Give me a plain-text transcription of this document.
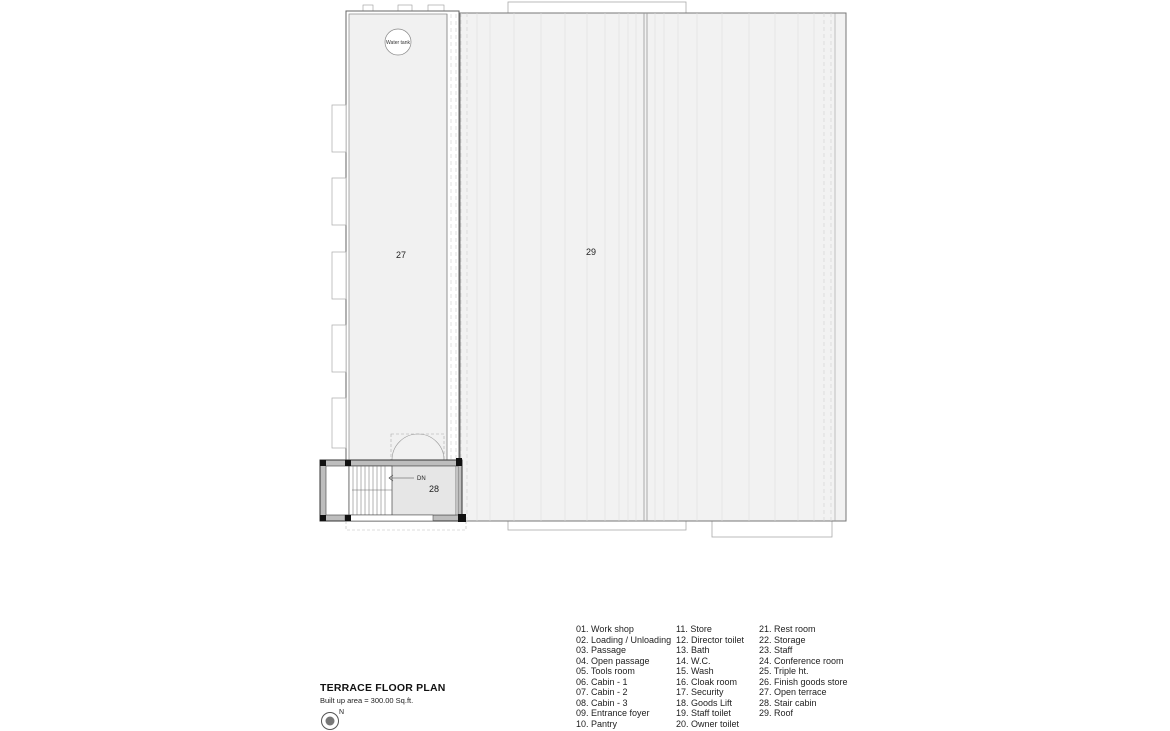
29
Water tank
27
DN
28
TERRACE FLOOR PLAN
Built up area = 300.00 Sq.ft.
N
01. Work shop
02. Loading / Unloading
03. Passage
04. Open passage
05. Tools room
06. Cabin - 1
07. Cabin - 2
08. Cabin - 3
09. Entrance foyer
10. Pantry
11. Store
12. Director toilet
13. Bath
14. W.C.
15. Wash
16. Cloak room
17. Security
18. Goods Lift
19. Staff toilet
20. Owner toilet
21. Rest room
22. Storage
23. Staff
24. Conference room
25. Triple ht.
26. Finish goods store
27. Open terrace
28. Stair cabin
29. Roof
